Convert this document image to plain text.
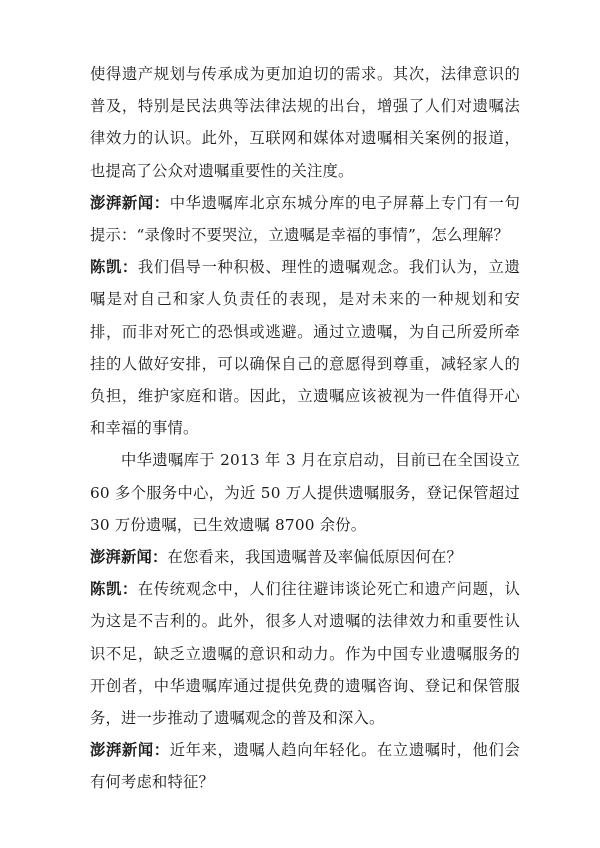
使得遗产规划与传承成为更加迫切的需求。其次，法律意识的普及，特别是民法典等法律法规的出台，增强了人们对遗嘱法律效力的认识。此外，互联网和媒体对遗嘱相关案例的报道，也提高了公众对遗嘱重要性的关注度。

澎湃新闻：中华遗嘱库北京东城分库的电子屏幕上专门有一句提示：“录像时不要哭泣，立遗嘱是幸福的事情”，怎么理解？

陈凯：我们倡导一种积极、理性的遗嘱观念。我们认为，立遗嘱是对自己和家人负责任的表现，是对未来的一种规划和安排，而非对死亡的恐惧或逃避。通过立遗嘱，为自己所爱所牵挂的人做好安排，可以确保自己的意愿得到尊重，减轻家人的负担，维护家庭和谐。因此，立遗嘱应该被视为一件值得开心和幸福的事情。

中华遗嘱库于 2013 年 3 月在京启动，目前已在全国设立 60 多个服务中心，为近 50 万人提供遗嘱服务，登记保管超过 30 万份遗嘱，已生效遗嘱 8700 余份。

澎湃新闻：在您看来，我国遗嘱普及率偏低原因何在？

陈凯：在传统观念中，人们往往避讳谈论死亡和遗产问题，认为这是不吉利的。此外，很多人对遗嘱的法律效力和重要性认识不足，缺乏立遗嘱的意识和动力。作为中国专业遗嘱服务的开创者，中华遗嘱库通过提供免费的遗嘱咨询、登记和保管服务，进一步推动了遗嘱观念的普及和深入。

澎湃新闻：近年来，遗嘱人趋向年轻化。在立遗嘱时，他们会有何考虑和特征？
